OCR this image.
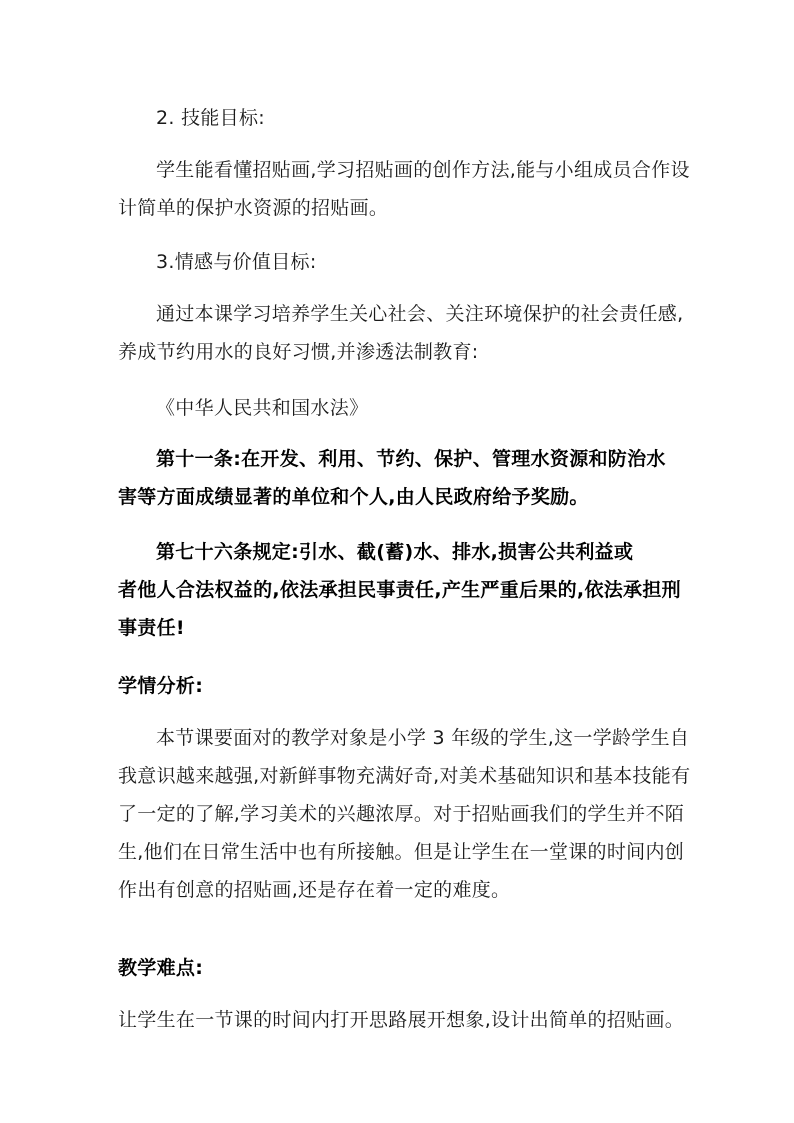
2. 技能目标:

学生能看懂招贴画,学习招贴画的创作方法,能与小组成员合作设
计简单的保护水资源的招贴画。

3.情感与价值目标:

通过本课学习培养学生关心社会、关注环境保护的社会责任感,
养成节约用水的良好习惯,并渗透法制教育:

《中华人民共和国水法》

第十一条:在开发、利用、节约、保护、管理水资源和防治水
害等方面成绩显著的单位和个人,由人民政府给予奖励。

第七十六条规定:引水、截(蓄)水、排水,损害公共利益或
者他人合法权益的,依法承担民事责任,产生严重后果的,依法承担刑
事责任!

学情分析:

本节课要面对的教学对象是小学 3 年级的学生,这一学龄学生自
我意识越来越强,对新鲜事物充满好奇,对美术基础知识和基本技能有
了一定的了解,学习美术的兴趣浓厚。对于招贴画我们的学生并不陌
生,他们在日常生活中也有所接触。但是让学生在一堂课的时间内创
作出有创意的招贴画,还是存在着一定的难度。

教学难点:

让学生在一节课的时间内打开思路展开想象,设计出简单的招贴画。
